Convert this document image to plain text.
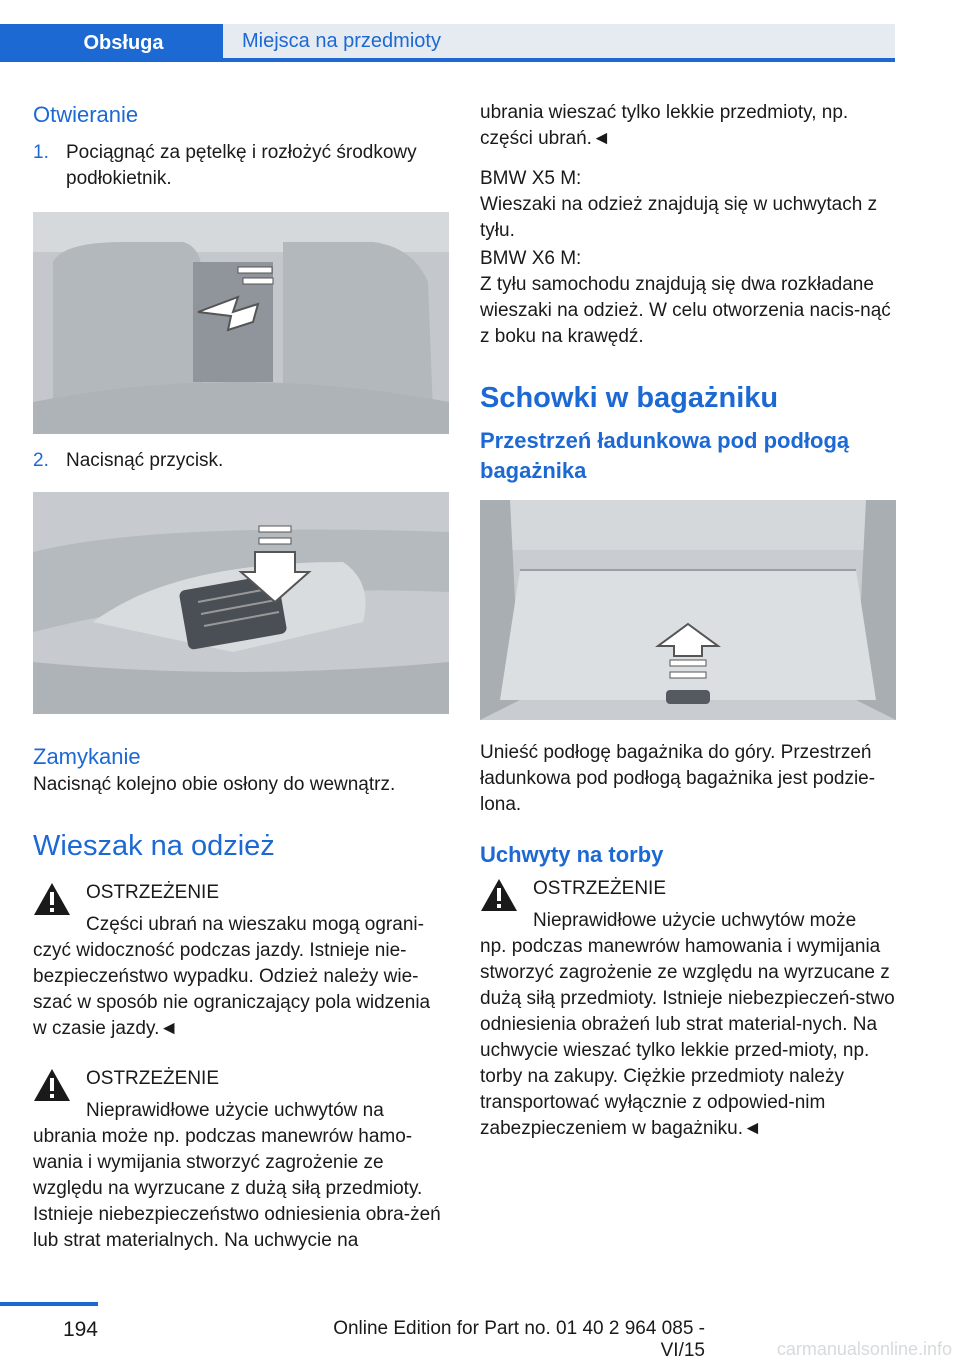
Obsługa	Miejsca na przedmioty

Otwieranie

1. Pociągnąć za pętelkę i rozłożyć środkowy podłokietnik.
2. Nacisnąć przycisk.

Zamykanie

Nacisnąć kolejno obie osłony do wewnątrz.

Wieszak na odzież

OSTRZEŻENIE

Części ubrań na wieszaku mogą ograni-

czyć widoczność podczas jazdy. Istnieje nie-bezpieczeństwo wypadku. Odzież należy wie-szać w sposób nie ograniczający pola widzenia w czasie jazdy.◄

OSTRZEŻENIE

Nieprawidłowe użycie uchwytów na

ubrania może np. podczas manewrów hamo-wania i wymijania stworzyć zagrożenie ze względu na wyrzucane z dużą siłą przedmioty. Istnieje niebezpieczeństwo odniesienia obra-żeń lub strat materialnych. Na uchwycie na

ubrania wieszać tylko lekkie przedmioty, np. części ubrań.◄

BMW X5 M:

Wieszaki na odzież znajdują się w uchwytach z tyłu.

BMW X6 M:

Z tyłu samochodu znajdują się dwa rozkładane wieszaki na odzież. W celu otworzenia nacis-nąć z boku na krawędź.

Schowki w bagażniku

Przestrzeń ładunkowa pod podłogą bagażnika

Unieść podłogę bagażnika do góry. Przestrzeń ładunkowa pod podłogą bagażnika jest podzie-lona.

Uchwyty na torby

OSTRZEŻENIE

Nieprawidłowe użycie uchwytów może

np. podczas manewrów hamowania i wymijania stworzyć zagrożenie ze względu na wyrzucane z dużą siłą przedmioty. Istnieje niebezpieczeń-stwo odniesienia obrażeń lub strat material-nych. Na uchwycie wieszać tylko lekkie przed-mioty, np. torby na zakupy. Ciężkie przedmioty należy transportować wyłącznie z odpowied-nim zabezpieczeniem w bagażniku.◄

194	Online Edition for Part no. 01 40 2 964 085 - VI/15	carmanualsonline.info
